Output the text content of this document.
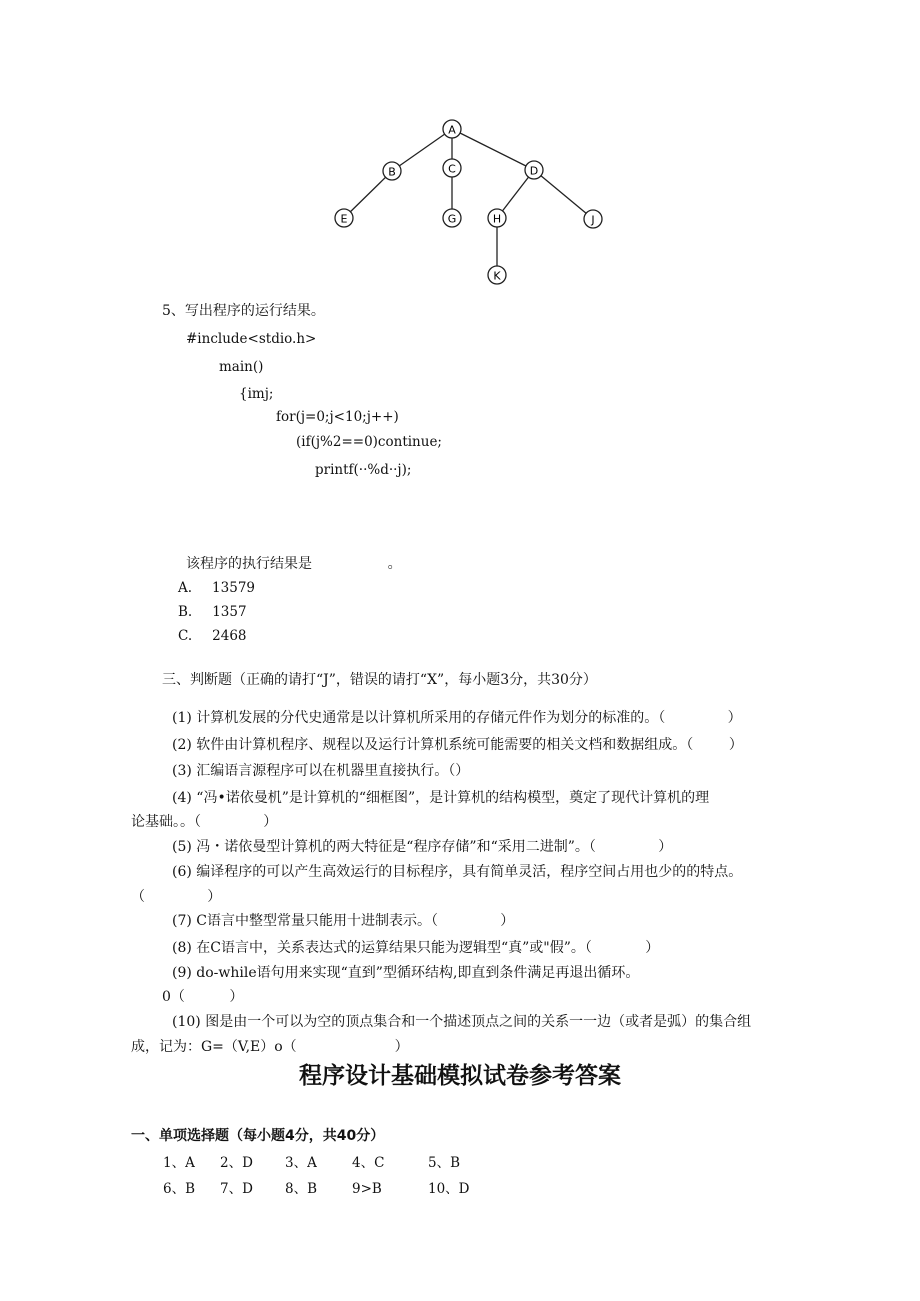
A
B	C	D
E	G	H	J
K
5、写出程序的运行结果。
#include<stdio.h>
main()
{imj;
for(j=0;j<10;j++)
(if(j%2==0)continue;
printf(··%d··j);
该程序的执行结果是                 。
A. 13579
B. 1357
C. 2468
三、判断题（正确的请打“J”，错误的请打“X”，每小题3分，共30分）
(1) 计算机发展的分代史通常是以计算机所采用的存储元件作为划分的标准的。（              ）
(2) 软件由计算机程序、规程以及运行计算机系统可能需要的相关文档和数据组成。（        ）
(3) 汇编语言源程序可以在机器里直接执行。（）
(4) “冯•诺依曼机”是计算机的“细框图”，是计算机的结构模型，奠定了现代计算机的理
论基础。。（              ）
(5) 冯・诺依曼型计算机的两大特征是“程序存储”和“采用二进制”。（              ）
(6) 编译程序的可以产生高效运行的目标程序，具有简单灵活，程序空间占用也少的的特点。
（              ）
(7) C语言中整型常量只能用十进制表示。（              ）
(8) 在C语言中，关系表达式的运算结果只能为逻辑型“真”或"假”。（            ）
(9) do-while语句用来实现“直到”型循环结构,即直到条件满足再退出循环。
0（          ）
(10) 图是由一个可以为空的顶点集合和一个描述顶点之间的关系一一边（或者是弧）的集合组
成，记为：G=（V,E）o（                      ）
程序设计基础模拟试卷参考答案
一、单项选择题（每小题4分，共40分）
1、A 2、D 3、A	4、C	5、B
6、B 7、D 8、B	9>B	10、D
